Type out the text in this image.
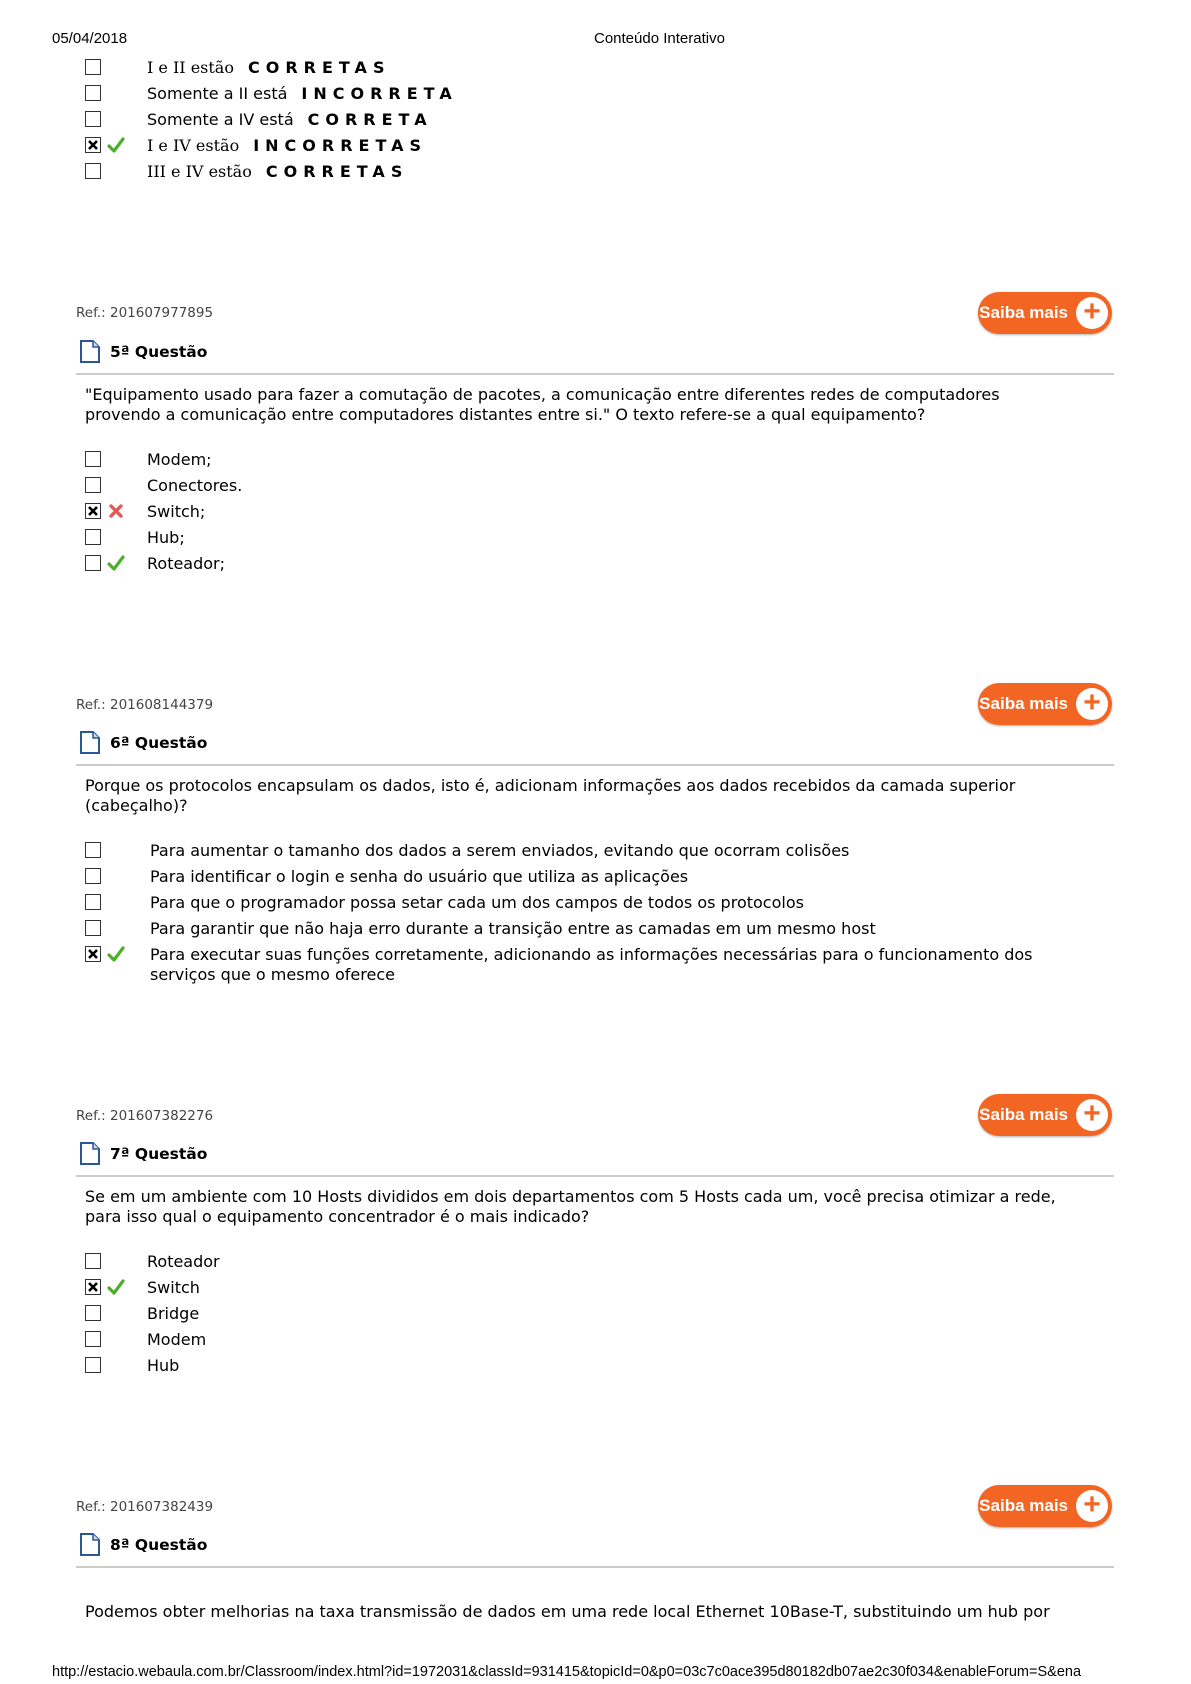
05/04/2018	Conteúdo Interativo
I e II estão CORRETAS
Somente a II está INCORRETA
Somente a IV está CORRETA
I e IV estão INCORRETAS
III e IV estão CORRETAS
Ref.: 201607977895	Saiba mais +
5ª Questão
"Equipamento usado para fazer a comutação de pacotes, a comunicação entre diferentes redes de computadores
provendo a comunicação entre computadores distantes entre si." O texto refere-se a qual equipamento?
Modem;
Conectores.
Switch;
Hub;
Roteador;
Ref.: 201608144379	Saiba mais +
6ª Questão
Porque os protocolos encapsulam os dados, isto é, adicionam informações aos dados recebidos da camada superior
(cabeçalho)?
Para aumentar o tamanho dos dados a serem enviados, evitando que ocorram colisões
Para identificar o login e senha do usuário que utiliza as aplicações
Para que o programador possa setar cada um dos campos de todos os protocolos
Para garantir que não haja erro durante a transição entre as camadas em um mesmo host
Para executar suas funções corretamente, adicionando as informações necessárias para o funcionamento dos
serviços que o mesmo oferece
Ref.: 201607382276	Saiba mais +
7ª Questão
Se em um ambiente com 10 Hosts divididos em dois departamentos com 5 Hosts cada um, você precisa otimizar a rede,
para isso qual o equipamento concentrador é o mais indicado?
Roteador
Switch
Bridge
Modem
Hub
Ref.: 201607382439	Saiba mais +
8ª Questão
Podemos obter melhorias na taxa transmissão de dados em uma rede local Ethernet 10Base-T, substituindo um hub por
http://estacio.webaula.com.br/Classroom/index.html?id=1972031&classId=931415&topicId=0&p0=03c7c0ace395d80182db07ae2c30f034&enableForum=S&ena
